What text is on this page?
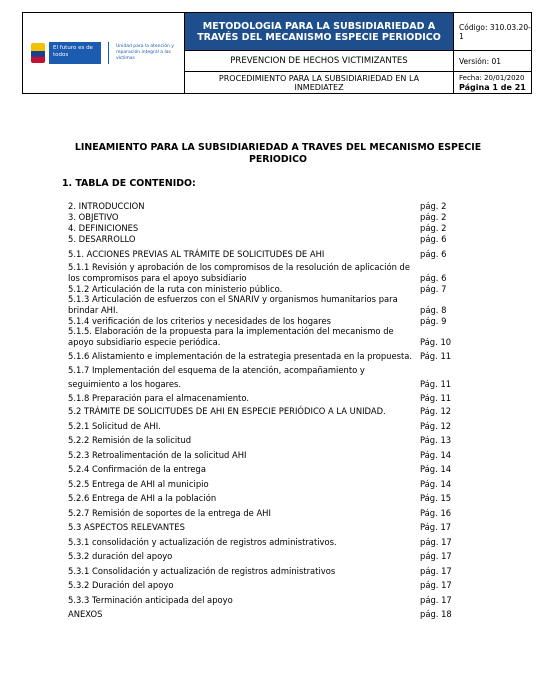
El futuro es de todos
Unidad para la atención y reparación integral a las víctimas
METODOLOGIA PARA LA SUBSIDIARIEDAD A TRAVÉS DEL MECANISMO ESPECIE PERIODICO
PREVENCION DE HECHOS VICTIMIZANTES
PROCEDIMIENTO PARA LA SUBSIDIARIEDAD EN LA INMEDIATEZ
Código: 310.03.20-1
Versión: 01
Fecha: 20/01/2020
Página 1 de 21
LINEAMIENTO PARA LA SUBSIDIARIEDAD A TRAVES DEL MECANISMO ESPECIE PERIODICO
1. TABLA DE CONTENIDO:
2. INTRODUCCION	pág. 2
3. OBJETIVO	pág. 2
4. DEFINICIONES	pág. 2
5. DESARROLLO	pág. 6
5.1. ACCIONES PREVIAS AL TRÁMITE DE SOLICITUDES DE AHI	pág. 6
5.1.1 Revisión y aprobación de los compromisos de la resolución de aplicación de los compromisos para el apoyo subsidiario	pág. 6
5.1.2 Articulación de la ruta con ministerio público.	pág. 7
5.1.3 Articulación de esfuerzos con el SNARIV y organismos humanitarios para brindar AHI.	pág. 8
5.1.4 verificación de los criterios y necesidades de los hogares	pág. 9
5.1.5. Elaboración de la propuesta para la implementación del mecanismo de apoyo subsidiario especie periódica.	Pág. 10
5.1.6 Alistamiento e implementación de la estrategia presentada en la propuesta. Pág. 11
5.1.7 Implementación del esquema de la atención, acompañamiento y seguimiento a los hogares.	Pág. 11
5.1.8 Preparación para el almacenamiento.	Pág. 11
5.2 TRÁMITE DE SOLICITUDES DE AHI EN ESPECIE PERIÓDICO A LA UNIDAD.	Pág. 12
5.2.1 Solicitud de AHI.	Pág. 12
5.2.2 Remisión de la solicitud	Pág. 13
5.2.3 Retroalimentación de la solicitud AHI	Pág. 14
5.2.4 Confirmación de la entrega	Pág. 14
5.2.5 Entrega de AHI al municipio	Pág. 14
5.2.6 Entrega de AHI a la población	Pág. 15
5.2.7 Remisión de soportes de la entrega de AHI	Pág. 16
5.3 ASPECTOS RELEVANTES	Pág. 17
5.3.1 consolidación y actualización de registros administrativos.	pág. 17
5.3.2 duración del apoyo	pág. 17
5.3.1 Consolidación y actualización de registros administrativos	pág. 17
5.3.2 Duración del apoyo	pág. 17
5.3.3 Terminación anticipada del apoyo	pág. 17
ANEXOS	pág. 18
